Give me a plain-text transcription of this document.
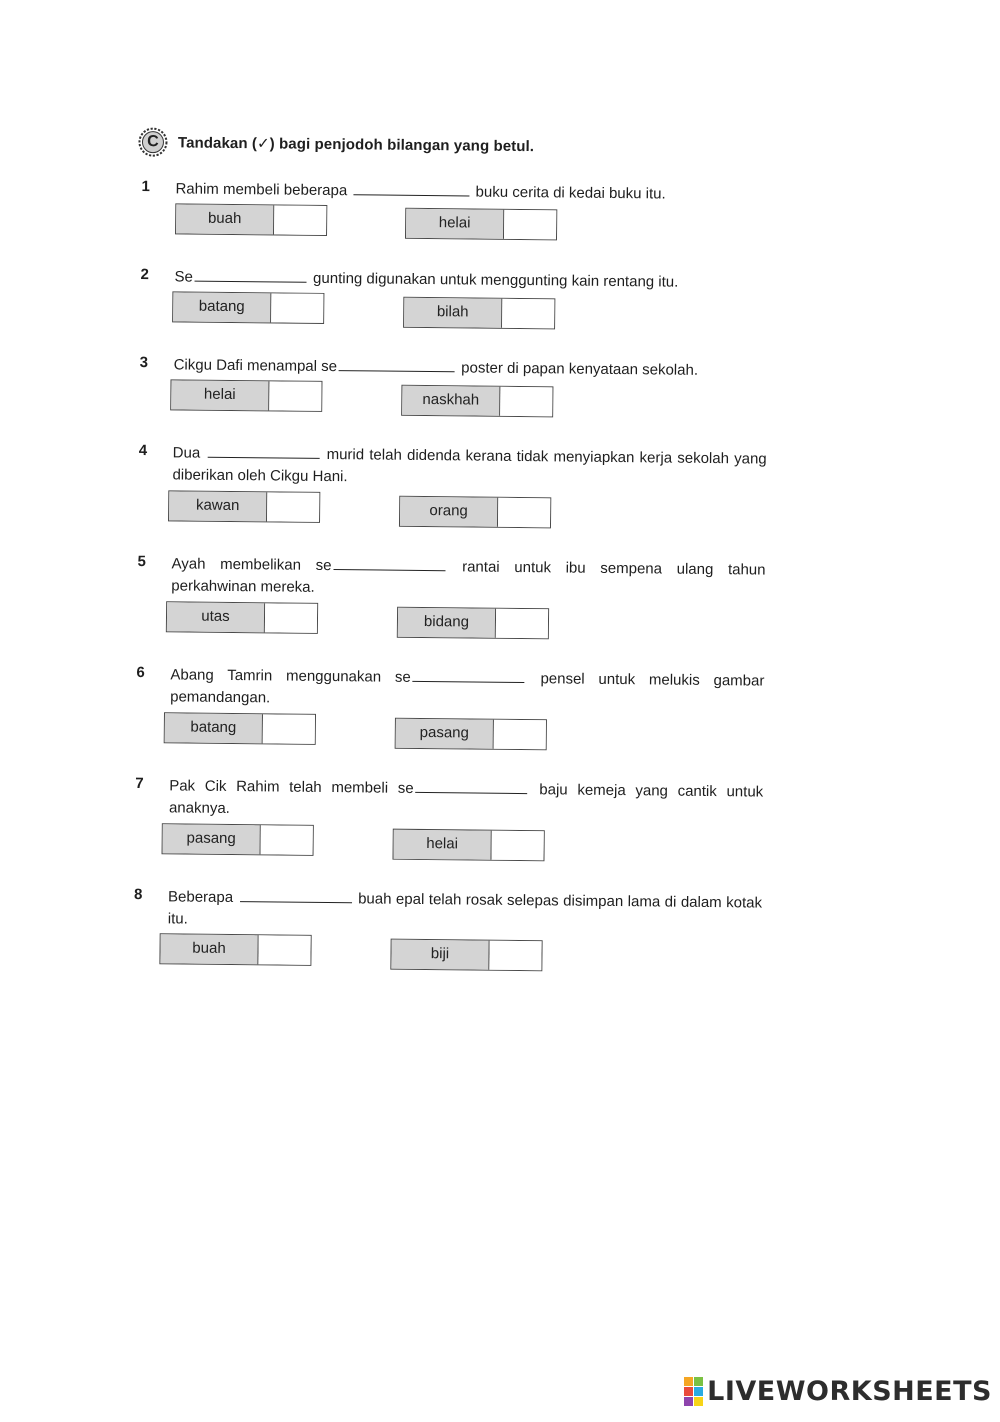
C	Tandakan (✓) bagi penjodoh bilangan yang betul.
1	Rahim membeli beberapa	buku cerita di kedai buku itu.
buah	helai
2	Se	gunting digunakan untuk menggunting kain rentang itu.
batang	bilah
3	Cikgu Dafi menampal se	poster di papan kenyataan sekolah.
helai	naskhah
4	Dua	murid telah didenda kerana tidak menyiapkan kerja sekolah yang diberikan oleh Cikgu Hani.
kawan	orang
5	Ayah membelikan se	rantai untuk ibu sempena ulang tahun perkahwinan mereka.
utas	bidang
6	Abang Tamrin menggunakan se	pensel untuk melukis gambar pemandangan.
batang	pasang
7	Pak Cik Rahim telah membeli se	baju kemeja yang cantik untuk anaknya.
pasang	helai
8	Beberapa	buah epal telah rosak selepas disimpan lama di dalam kotak itu.
buah	biji
LIVEWORKSHEETS
